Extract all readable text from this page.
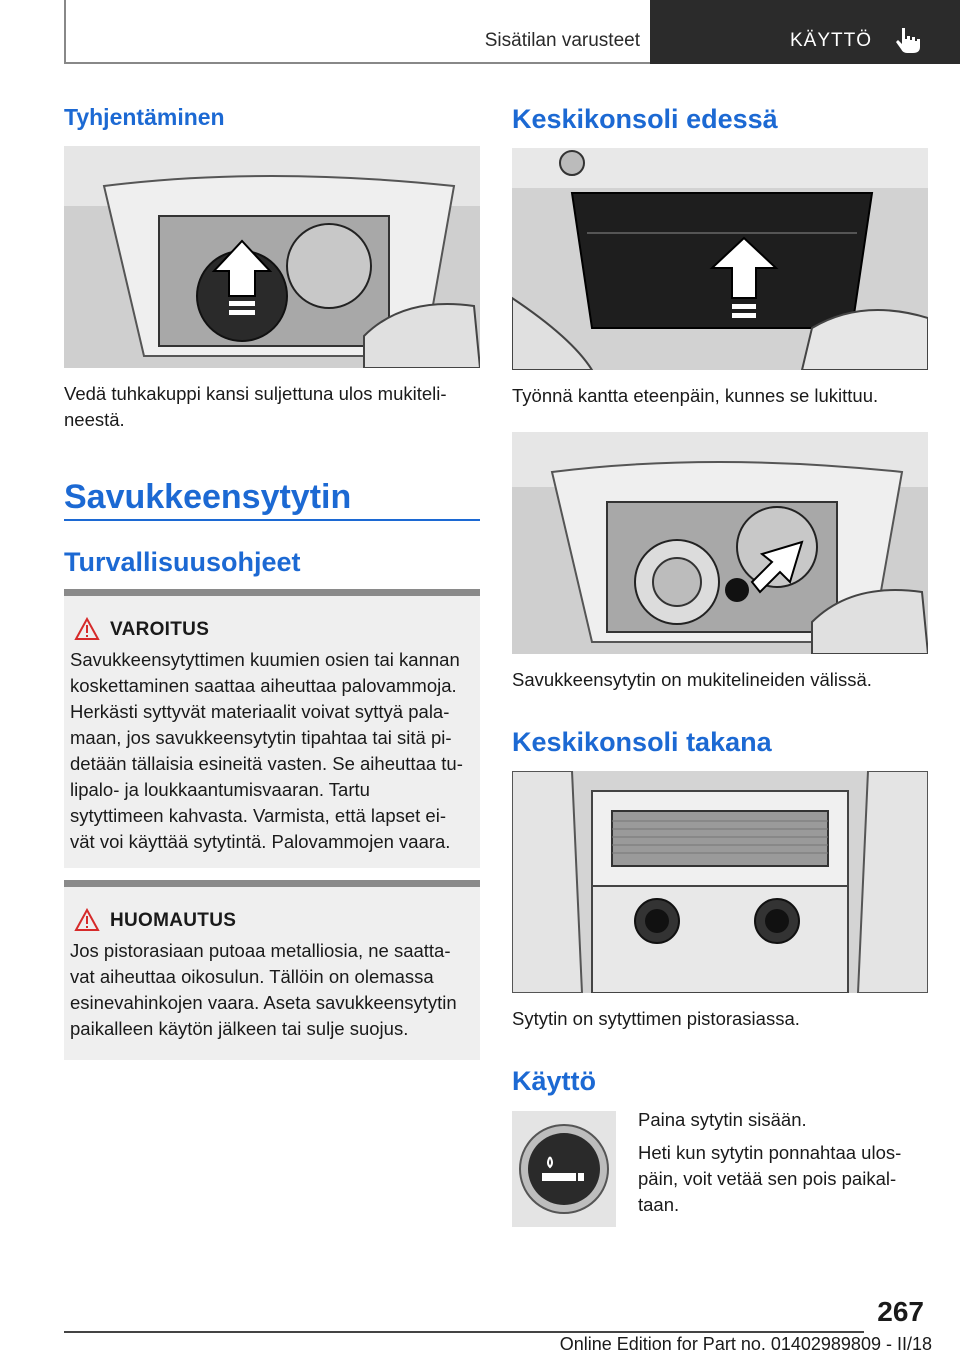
Sisätilan varusteet	KÄYTTÖ
Tyhjentäminen
Vedä tuhkakuppi kansi suljettuna ulos mukiteli-
neestä.
Savukkeensytytin
Turvallisuusohjeet
VAROITUS
Savukkeensytyttimen kuumien osien tai kannan
koskettaminen saattaa aiheuttaa palovammoja.
Herkästi syttyvät materiaalit voivat syttyä pala-
maan, jos savukkeensytytin tipahtaa tai sitä pi-
detään tällaisia esineitä vasten. Se aiheuttaa tu-
lipalo- ja loukkaantumisvaaran. Tartu
sytyttimeen kahvasta. Varmista, että lapset ei-
vät voi käyttää sytytintä. Palovammojen vaara.
HUOMAUTUS
Jos pistorasiaan putoaa metalliosia, ne saatta-
vat aiheuttaa oikosulun. Tällöin on olemassa
esinevahinkojen vaara. Aseta savukkeensytytin
paikalleen käytön jälkeen tai sulje suojus.
Keskikonsoli edessä
Työnnä kantta eteenpäin, kunnes se lukittuu.
Savukkeensytytin on mukitelineiden välissä.
Keskikonsoli takana
Sytytin on sytyttimen pistorasiassa.
Käyttö
Paina sytytin sisään.
Heti kun sytytin ponnahtaa ulos-
päin, voit vetää sen pois paikal-
taan.
267
Online Edition for Part no. 01402989809 - II/18
